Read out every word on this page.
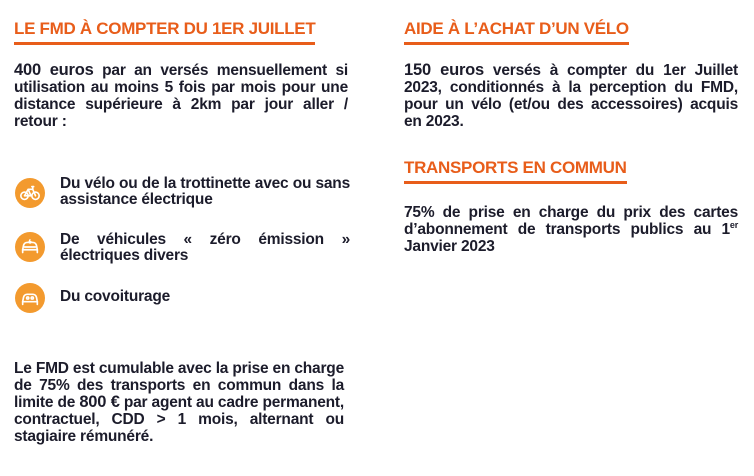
LE FMD À COMPTER DU 1ER JUILLET
400 euros par an versés mensuellement si utilisation au moins 5 fois par mois pour une distance supérieure à 2km par jour aller / retour :
Du vélo ou de la trottinette avec ou sans assistance électrique
De véhicules « zéro émission » électriques divers
Du covoiturage
Le FMD est cumulable avec la prise en charge de 75% des transports en commun dans la limite de 800 € par agent au cadre permanent, contractuel, CDD > 1 mois, alternant ou stagiaire rémunéré.
AIDE À L’ACHAT D’UN VÉLO
150 euros versés à compter du 1er Juillet 2023, conditionnés à la perception du FMD, pour un vélo (et/ou des accessoires) acquis en 2023.
TRANSPORTS EN COMMUN
75% de prise en charge du prix des cartes d’abonnement de transports publics au 1er Janvier 2023
